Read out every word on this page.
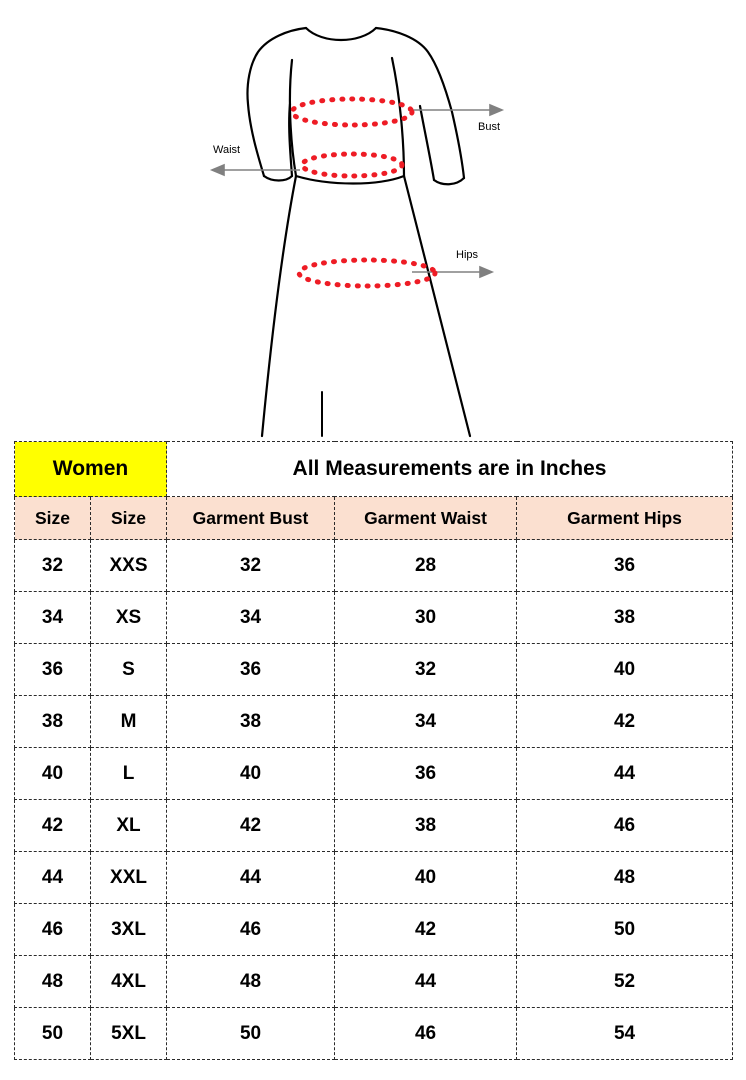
Bust
Waist
Hips
Women		All Measurements are in Inches		
Size	Size	Garment Bust	Garment Waist	Garment Hips
32	XXS	32	28	36
34	XS	34	30	38
36	S	36	32	40
38	M	38	34	42
40	L	40	36	44
42	XL	42	38	46
44	XXL	44	40	48
46	3XL	46	42	50
48	4XL	48	44	52
50	5XL	50	46	54
